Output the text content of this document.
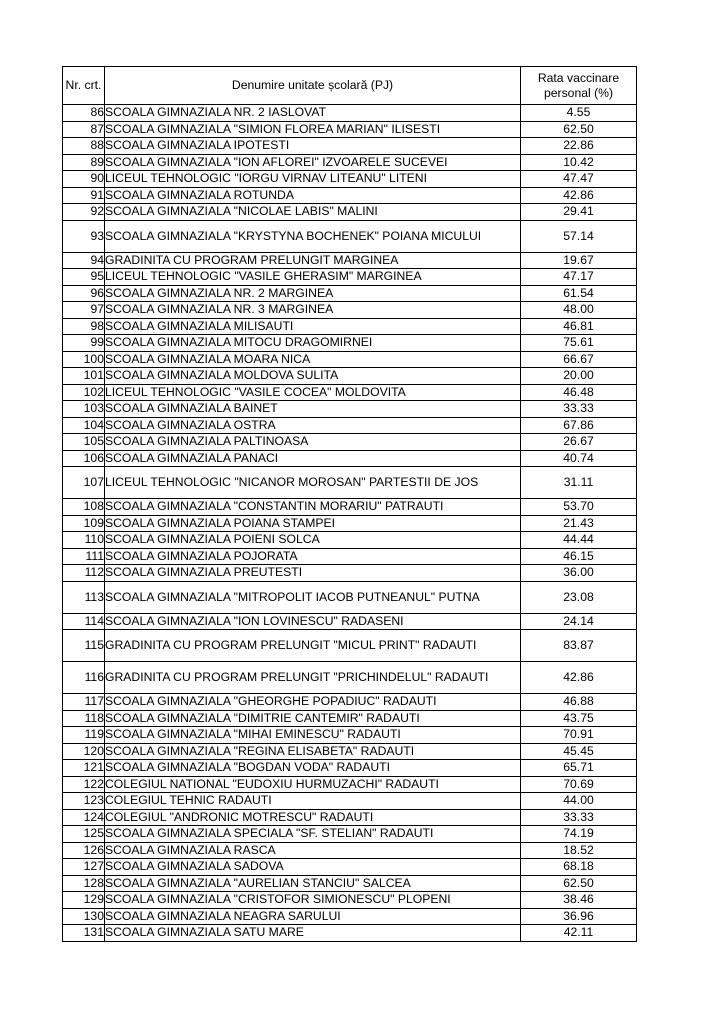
Nr. crt.	Denumire unitate școlară (PJ)	Rata vaccinare personal (%)
86	SCOALA GIMNAZIALA NR. 2 IASLOVAT	4.55
87	SCOALA GIMNAZIALA "SIMION FLOREA MARIAN" ILISESTI	62.50
88	SCOALA GIMNAZIALA IPOTESTI	22.86
89	SCOALA GIMNAZIALA "ION AFLOREI" IZVOARELE SUCEVEI	10.42
90	LICEUL TEHNOLOGIC "IORGU VIRNAV LITEANU" LITENI	47.47
91	SCOALA GIMNAZIALA ROTUNDA	42.86
92	SCOALA GIMNAZIALA "NICOLAE LABIS" MALINI	29.41
93	SCOALA GIMNAZIALA "KRYSTYNA BOCHENEK" POIANA MICULUI	57.14
94	GRADINITA CU PROGRAM PRELUNGIT MARGINEA	19.67
95	LICEUL TEHNOLOGIC "VASILE GHERASIM" MARGINEA	47.17
96	SCOALA GIMNAZIALA NR. 2 MARGINEA	61.54
97	SCOALA GIMNAZIALA NR. 3 MARGINEA	48.00
98	SCOALA GIMNAZIALA MILISAUTI	46.81
99	SCOALA GIMNAZIALA MITOCU DRAGOMIRNEI	75.61
100	SCOALA GIMNAZIALA MOARA NICA	66.67
101	SCOALA GIMNAZIALA MOLDOVA SULITA	20.00
102	LICEUL TEHNOLOGIC "VASILE COCEA" MOLDOVITA	46.48
103	SCOALA GIMNAZIALA BAINET	33.33
104	SCOALA GIMNAZIALA OSTRA	67.86
105	SCOALA GIMNAZIALA PALTINOASA	26.67
106	SCOALA GIMNAZIALA PANACI	40.74
107	LICEUL TEHNOLOGIC "NICANOR MOROSAN" PARTESTII DE JOS	31.11
108	SCOALA GIMNAZIALA "CONSTANTIN MORARIU" PATRAUTI	53.70
109	SCOALA GIMNAZIALA POIANA STAMPEI	21.43
110	SCOALA GIMNAZIALA POIENI SOLCA	44.44
111	SCOALA GIMNAZIALA POJORATA	46.15
112	SCOALA GIMNAZIALA PREUTESTI	36.00
113	SCOALA GIMNAZIALA "MITROPOLIT IACOB PUTNEANUL" PUTNA	23.08
114	SCOALA GIMNAZIALA "ION LOVINESCU" RADASENI	24.14
115	GRADINITA CU PROGRAM PRELUNGIT "MICUL PRINT" RADAUTI	83.87
116	GRADINITA CU PROGRAM PRELUNGIT "PRICHINDELUL" RADAUTI	42.86
117	SCOALA GIMNAZIALA "GHEORGHE POPADIUC" RADAUTI	46.88
118	SCOALA GIMNAZIALA "DIMITRIE CANTEMIR" RADAUTI	43.75
119	SCOALA GIMNAZIALA "MIHAI EMINESCU" RADAUTI	70.91
120	SCOALA GIMNAZIALA "REGINA ELISABETA" RADAUTI	45.45
121	SCOALA GIMNAZIALA "BOGDAN VODA" RADAUTI	65.71
122	COLEGIUL NATIONAL "EUDOXIU HURMUZACHI" RADAUTI	70.69
123	COLEGIUL TEHNIC RADAUTI	44.00
124	COLEGIUL "ANDRONIC MOTRESCU" RADAUTI	33.33
125	SCOALA GIMNAZIALA SPECIALA "SF. STELIAN" RADAUTI	74.19
126	SCOALA GIMNAZIALA RASCA	18.52
127	SCOALA GIMNAZIALA SADOVA	68.18
128	SCOALA GIMNAZIALA "AURELIAN STANCIU" SALCEA	62.50
129	SCOALA GIMNAZIALA "CRISTOFOR SIMIONESCU" PLOPENI	38.46
130	SCOALA GIMNAZIALA NEAGRA SARULUI	36.96
131	SCOALA GIMNAZIALA SATU MARE	42.11
